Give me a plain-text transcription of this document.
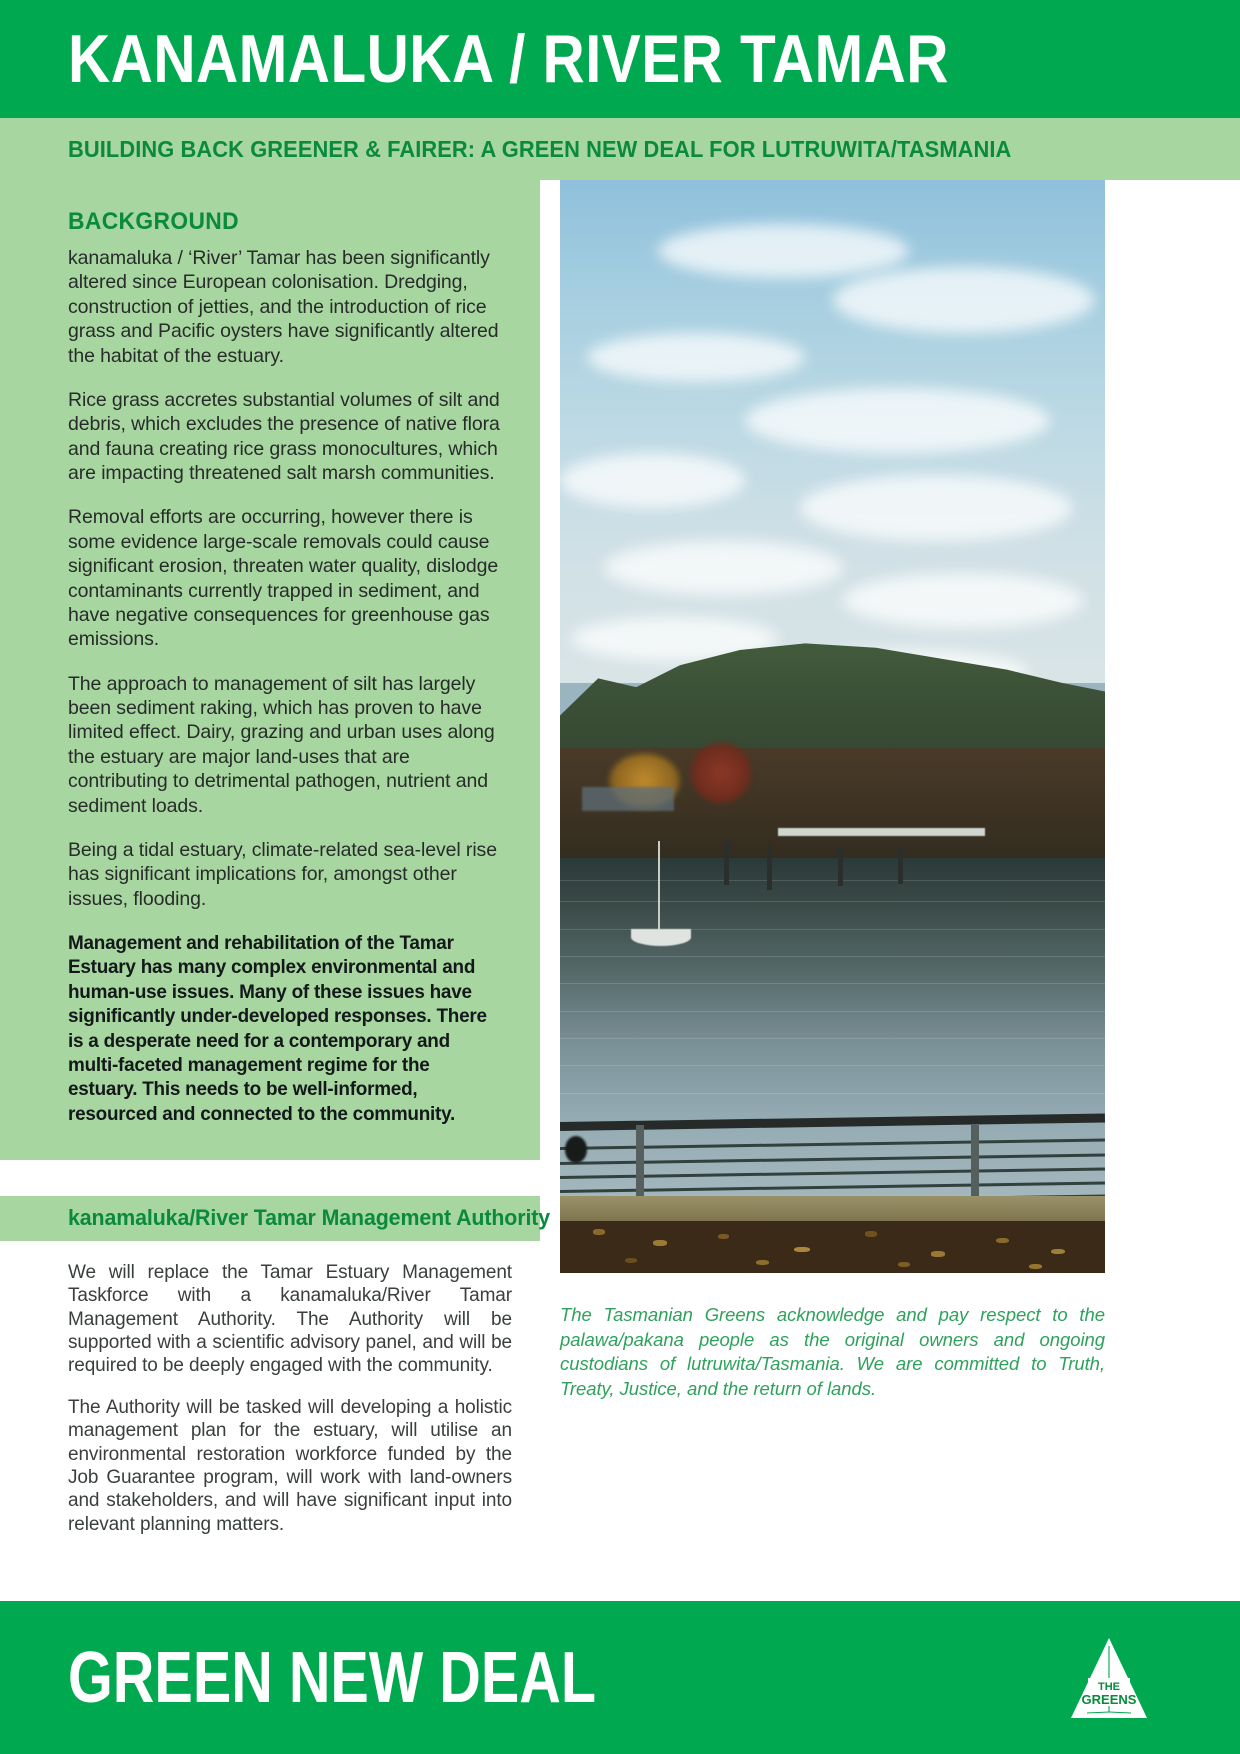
KANAMALUKA / RIVER TAMAR
BUILDING BACK GREENER & FAIRER: A GREEN NEW DEAL FOR LUTRUWITA/TASMANIA
BACKGROUND

kanamaluka / ‘River’ Tamar has been significantly altered since European colonisation. Dredging, construction of jetties, and the introduction of rice grass and Pacific oysters have significantly altered the habitat of the estuary.

Rice grass accretes substantial volumes of silt and debris, which excludes the presence of native flora and fauna creating rice grass monocultures, which are impacting threatened salt marsh communities.

Removal efforts are occurring, however there is some evidence large-scale removals could cause significant erosion, threaten water quality, dislodge contaminants currently trapped in sediment, and have negative consequences for greenhouse gas emissions.

The approach to management of silt has largely been sediment raking, which has proven to have limited effect. Dairy, grazing and urban uses along the estuary are major land-uses that are contributing to detrimental pathogen, nutrient and sediment loads.

Being a tidal estuary, climate-related sea-level rise has significant implications for, amongst other issues, flooding.

Management and rehabilitation of the Tamar Estuary has many complex environmental and human-use issues. Many of these issues have significantly under-developed responses. There is a desperate need for a contemporary and multi-faceted management regime for the estuary. This needs to be well-informed, resourced and connected to the community.

kanamaluka/River Tamar Management Authority

We will replace the Tamar Estuary Management Taskforce with a kanamaluka/River Tamar Management Authority. The Authority will be supported with a scientific advisory panel, and will be required to be deeply engaged with the community.

The Authority will be tasked will developing a holistic management plan for the estuary, will utilise an environmental restoration workforce funded by the Job Guarantee program, will work with land-owners and stakeholders, and will have significant input into relevant planning matters.

The Tasmanian Greens acknowledge and pay respect to the palawa/pakana people as the original owners and ongoing custodians of lutruwita/Tasmania. We are committed to Truth, Treaty, Justice, and the return of lands.
GREEN NEW DEAL	THE
GREENS
